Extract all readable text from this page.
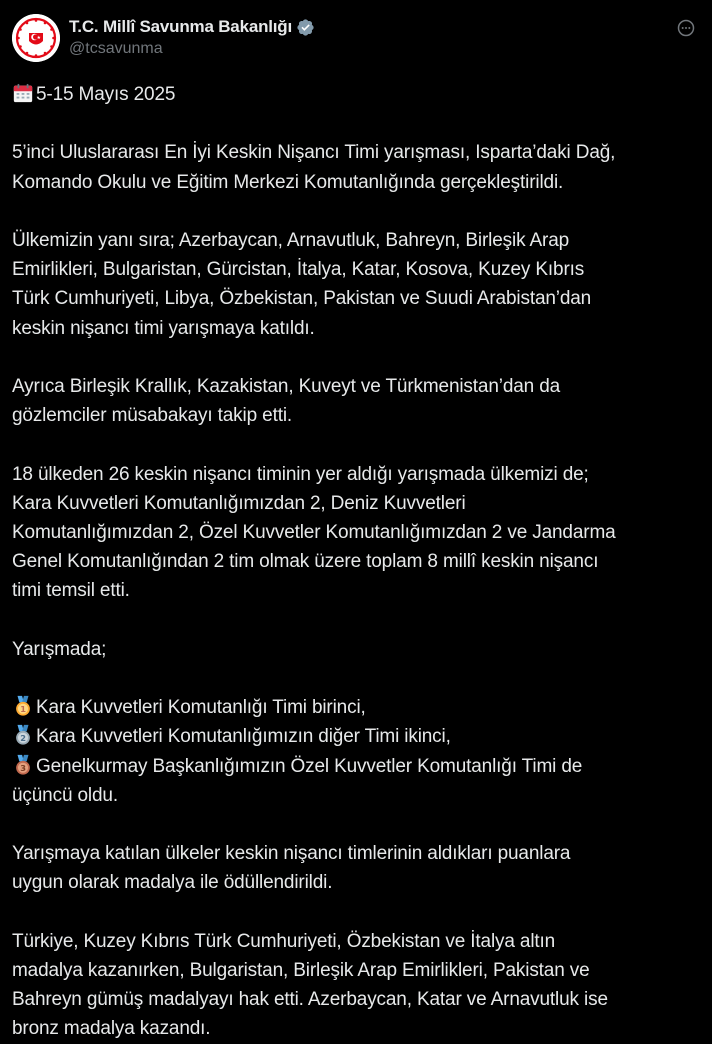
T.C. Millî Savunma Bakanlığı
@tcsavunma

5-15 Mayıs 2025

5’inci Uluslararası En İyi Keskin Nişancı Timi yarışması, Isparta’daki Dağ, Komando Okulu ve Eğitim Merkezi Komutanlığında gerçekleştirildi.

Ülkemizin yanı sıra; Azerbaycan, Arnavutluk, Bahreyn, Birleşik Arap
Emirlikleri, Bulgaristan, Gürcistan, İtalya, Katar, Kosova, Kuzey Kıbrıs
Türk Cumhuriyeti, Libya, Özbekistan, Pakistan ve Suudi Arabistan’dan
keskin nişancı timi yarışmaya katıldı.

Ayrıca Birleşik Krallık, Kazakistan, Kuveyt ve Türkmenistan’dan da
gözlemciler müsabakayı takip etti.

18 ülkeden 26 keskin nişancı timinin yer aldığı yarışmada ülkemizi de;
Kara Kuvvetleri Komutanlığımızdan 2, Deniz Kuvvetleri
Komutanlığımızdan 2, Özel Kuvvetler Komutanlığımızdan 2 ve Jandarma
Genel Komutanlığından 2 tim olmak üzere toplam 8 millî keskin nişancı
timi temsil etti.

Yarışmada;

1 Kara Kuvvetleri Komutanlığı Timi birinci,

2 Kara Kuvvetleri Komutanlığımızın diğer Timi ikinci,

3 Genelkurmay Başkanlığımızın Özel Kuvvetler Komutanlığı Timi de
üçüncü oldu.

Yarışmaya katılan ülkeler keskin nişancı timlerinin aldıkları puanlara
uygun olarak madalya ile ödüllendirildi.

Türkiye, Kuzey Kıbrıs Türk Cumhuriyeti, Özbekistan ve İtalya altın
madalya kazanırken, Bulgaristan, Birleşik Arap Emirlikleri, Pakistan ve
Bahreyn gümüş madalyayı hak etti. Azerbaycan, Katar ve Arnavutluk ise
bronz madalya kazandı.
